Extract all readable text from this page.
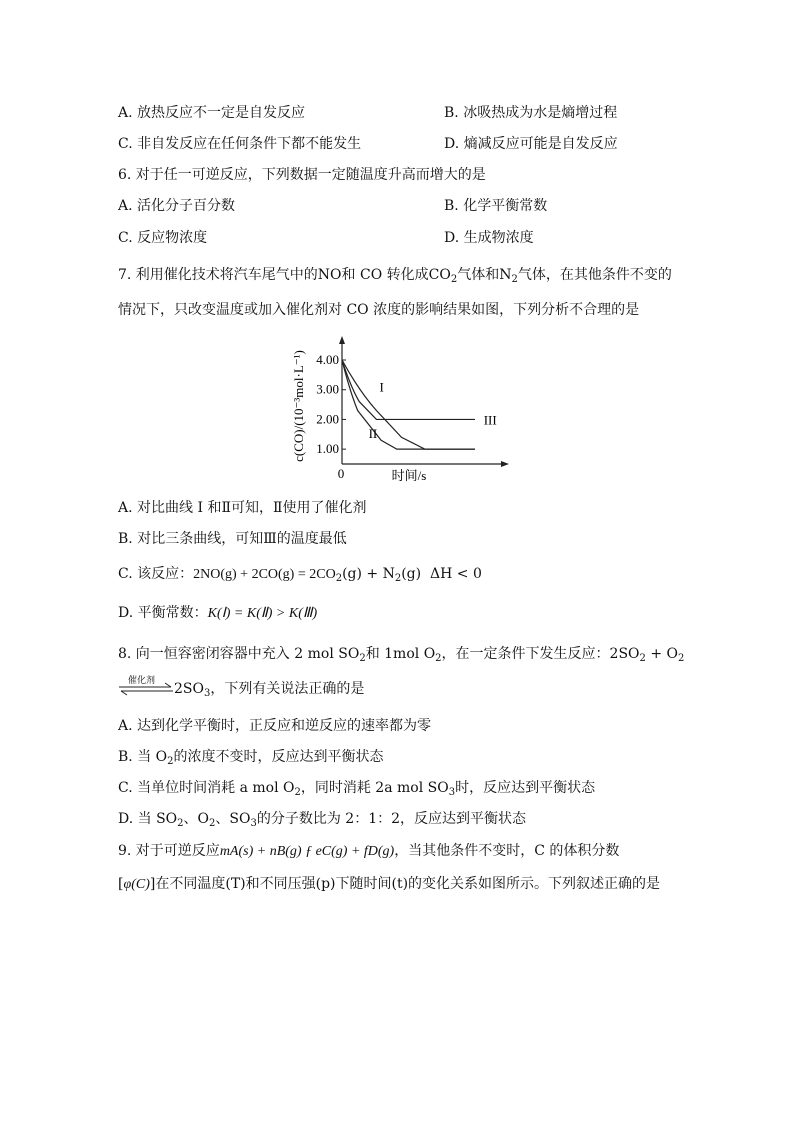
A. 放热反应不一定是自发反应	B. 冰吸热成为水是熵增过程
C. 非自发反应在任何条件下都不能发生	D. 熵减反应可能是自发反应
6. 对于任一可逆反应，下列数据一定随温度升高而增大的是
A. 活化分子百分数	B. 化学平衡常数
C. 反应物浓度	D. 生成物浓度
7. 利用催化技术将汽车尾气中的NO和 CO 转化成$CO_2$气体和$N_2$气体，在其他条件不变的
情况下，只改变温度或加入催化剂对 CO 浓度的影响结果如图，下列分析不合理的是
c(CO)/(10⁻³mol·L⁻¹)
时间/s
0
4.00
3.00
2.00
1.00
I
II
III
A. 对比曲线 I 和Ⅱ可知，Ⅱ使用了催化剂
B. 对比三条曲线，可知Ⅲ的温度最低
C. 该反应：$2NO(g) + 2CO(g) = 2CO_2(g) + N_2(g) \Delta H < 0$
D. 平衡常数：K(Ⅰ) = K(Ⅱ) > K(Ⅲ)
8. 向一恒容密闭容器中充入 2 mol $SO_2$和 1mol $O_2$，在一定条件下发生反应：$2SO_2 + O_2$
催化剂 $2SO_3$，下列有关说法正确的是
A. 达到化学平衡时，正反应和逆反应的速率都为零
B. 当 $O_2$的浓度不变时，反应达到平衡状态
C. 当单位时间消耗 a mol $O_2$，同时消耗 2a mol $SO_3$时，反应达到平衡状态
D. 当 $SO_2$、$O_2$、$SO_3$的分子数比为 2：1：2，反应达到平衡状态
9. 对于可逆反应mA(s) + nB(g) ƒ eC(g) + fD(g)，当其他条件不变时，C 的体积分数
[φ(C)]在不同温度(T)和不同压强(p)下随时间(t)的变化关系如图所示。下列叙述正确的是
